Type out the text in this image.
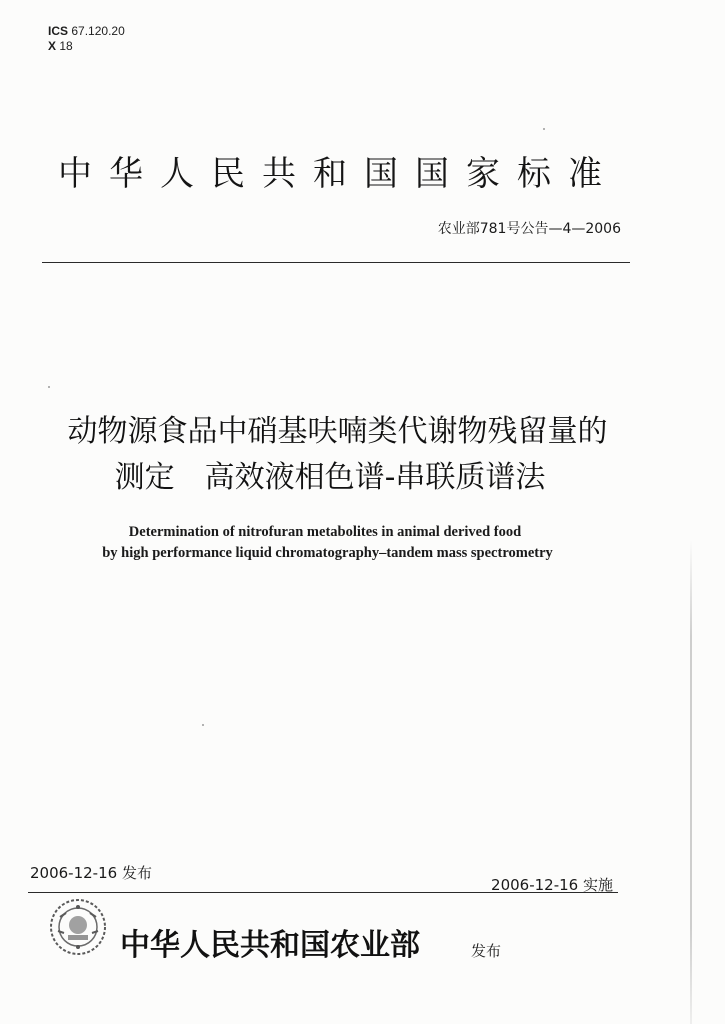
ICS 67.120.20
X 18
中华人民共和国国家标准
农业部781号公告—4—2006
动物源食品中硝基呋喃类代谢物残留量的
测定　高效液相色谱-串联质谱法
Determination of nitrofuran metabolites in animal derived food
by high performance liquid chromatography–tandem mass spectrometry
2006-12-16 发布
2006-12-16 实施
中华人民共和国农业部	发布
